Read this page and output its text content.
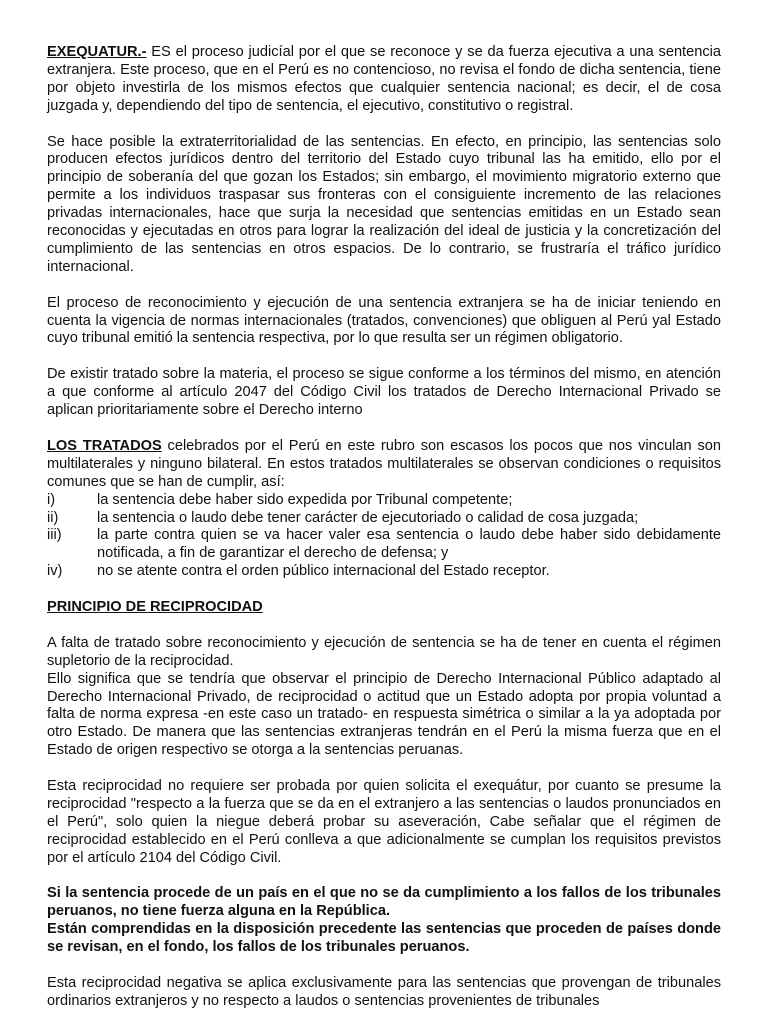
EXEQUATUR.- ES el proceso judicíal por el que se reconoce y se da fuerza ejecutiva a una sentencia extranjera. Este proceso, que en el Perú es no contencioso, no revisa el fondo de dicha sentencia, tiene por objeto investirla de los mismos efectos que cualquier sentencia nacional; es decir, el de cosa juzgada y, dependiendo del tipo de sentencia, el ejecutivo, constitutivo o registral.

Se hace posible la extraterritorialidad de las sentencias. En efecto, en principio, las sentencias solo producen efectos jurídicos dentro del territorio del Estado cuyo tribunal las ha emitido, ello por el principio de soberanía del que gozan los Estados; sin embargo, el movimiento migratorio externo que permite a los individuos traspasar sus fronteras con el consiguiente incremento de las relaciones privadas internacionales, hace que surja la necesidad que sentencias emitidas en un Estado sean reconocidas y ejecutadas en otros para lograr la realización del ideal de justicia y la concretización del cumplimiento de las sentencias en otros espacios. De lo contrario, se frustraría el tráfico jurídico internacional.

El proceso de reconocimiento y ejecución de una sentencia extranjera se ha de iniciar teniendo en cuenta la vigencia de normas internacionales (tratados, convenciones) que obliguen al Perú yal Estado cuyo tribunal emitió la sentencia respectiva, por lo que resulta ser un régimen obligatorio.

De existir tratado sobre la materia, el proceso se sigue conforme a los términos del mismo, en atención a que conforme al artículo 2047 del Código Civil los tratados de Derecho Internacional Privado se aplican prioritariamente sobre el Derecho interno

LOS TRATADOS celebrados por el Perú en este rubro son escasos los pocos que nos vinculan son multilaterales y ninguno bilateral. En estos tratados multilaterales se observan condiciones o requisitos comunes que se han de cumplir, así:

i)	la sentencia debe haber sido expedida por Tribunal competente;
ii)	la sentencia o laudo debe tener carácter de ejecutoriado o calidad de cosa juzgada;
iii)	la parte contra quien se va hacer valer esa sentencia o laudo debe haber sido debidamente notificada, a fin de garantizar el derecho de defensa; y
iv)	no se atente contra el orden público internacional del Estado receptor.
PRINCIPIO DE RECIPROCIDAD

A falta de tratado sobre reconocimiento y ejecución de sentencia se ha de tener en cuenta el régimen supletorio de la reciprocidad.

Ello significa que se tendría que observar el principio de Derecho Internacional Público adaptado al Derecho Internacional Privado, de reciprocidad o actitud que un Estado adopta por propia voluntad a falta de norma expresa -en este caso un tratado- en respuesta simétrica o similar a la ya adoptada por otro Estado. De manera que las sentencias extranjeras tendrán en el Perú la misma fuerza que en el Estado de origen respectivo se otorga a la sentencias peruanas.

Esta reciprocidad no requiere ser probada por quien solicita el exequátur, por cuanto se presume la reciprocidad "respecto a la fuerza que se da en el extranjero a las sentencias o laudos pronunciados en el Perú", solo quien la niegue deberá probar su aseveración, Cabe señalar que el régimen de reciprocidad establecido en el Perú conlleva a que adicionalmente se cumplan los requisitos previstos por el artículo 2104 del Código Civil.

Si la sentencia procede de un país en el que no se da cumplimiento a los fallos de los tribunales peruanos, no tiene fuerza alguna en la República.

Están comprendidas en la disposición precedente las sentencias que proceden de países donde se revisan, en el fondo, los fallos de los tribunales peruanos.

Esta reciprocidad negativa se aplica exclusivamente para las sentencias que provengan de tribunales ordinarios extranjeros y no respecto a laudos o sentencias provenientes de tribunales
